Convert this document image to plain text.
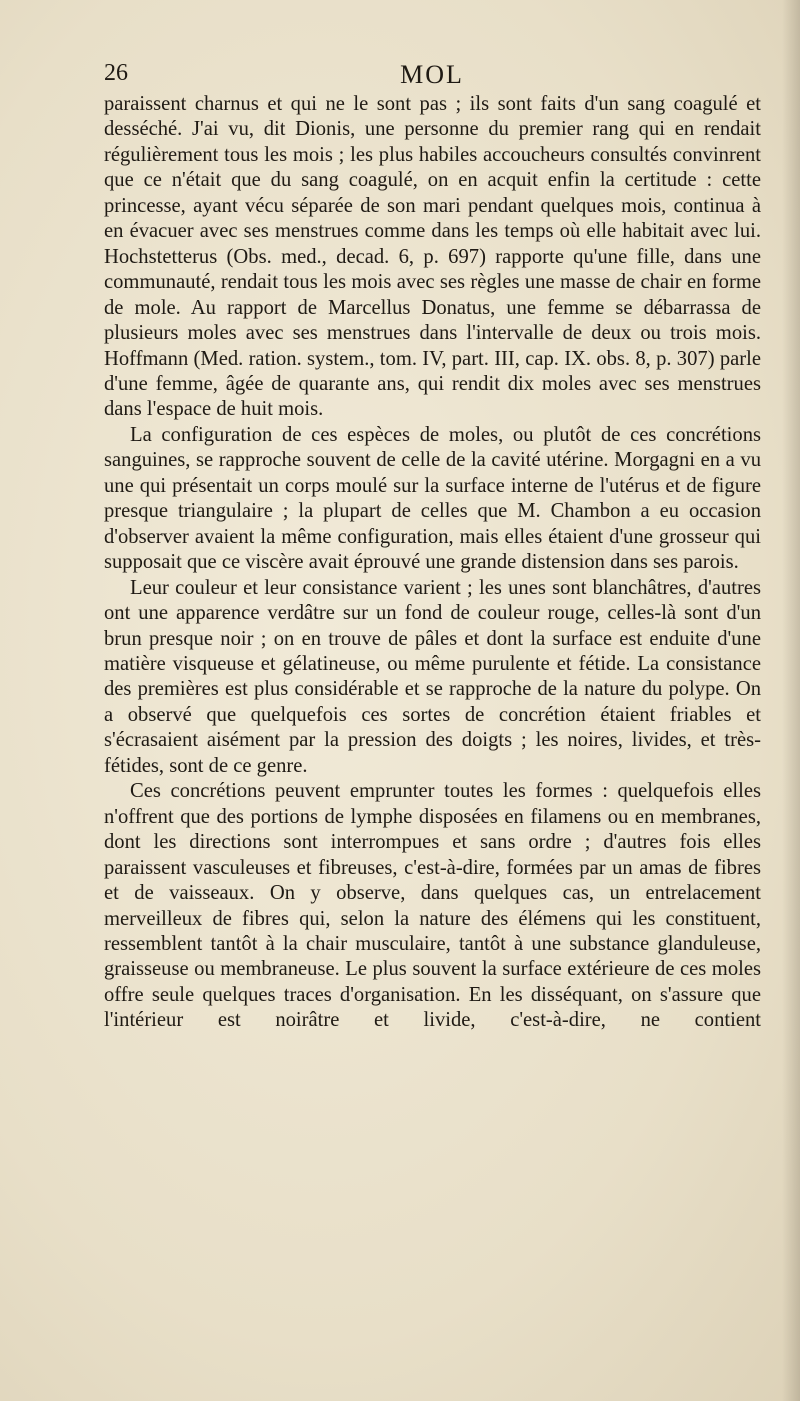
26	MOL

paraissent charnus et qui ne le sont pas ; ils sont faits d'un sang coagulé et desséché. J'ai vu, dit Dionis, une personne du premier rang qui en rendait régulièrement tous les mois ; les plus habiles accoucheurs consultés convinrent que ce n'était que du sang coagulé, on en acquit enfin la certitude : cette princesse, ayant vécu séparée de son mari pendant quelques mois, continua à en évacuer avec ses menstrues comme dans les temps où elle habitait avec lui. Hochstetterus (Obs. med., decad. 6, p. 697) rapporte qu'une fille, dans une communauté, rendait tous les mois avec ses règles une masse de chair en forme de mole. Au rapport de Marcellus Donatus, une femme se débarrassa de plusieurs moles avec ses menstrues dans l'intervalle de deux ou trois mois. Hoffmann (Med. ration. system., tom. IV, part. III, cap. IX. obs. 8, p. 307) parle d'une femme, âgée de quarante ans, qui rendit dix moles avec ses menstrues dans l'espace de huit mois.

La configuration de ces espèces de moles, ou plutôt de ces concrétions sanguines, se rapproche souvent de celle de la cavité utérine. Morgagni en a vu une qui présentait un corps moulé sur la surface interne de l'utérus et de figure presque triangulaire ; la plupart de celles que M. Chambon a eu occasion d'observer avaient la même configuration, mais elles étaient d'une grosseur qui supposait que ce viscère avait éprouvé une grande distension dans ses parois.

Leur couleur et leur consistance varient ; les unes sont blanchâtres, d'autres ont une apparence verdâtre sur un fond de couleur rouge, celles-là sont d'un brun presque noir ; on en trouve de pâles et dont la surface est enduite d'une matière visqueuse et gélatineuse, ou même purulente et fétide. La consistance des premières est plus considérable et se rapproche de la nature du polype. On a observé que quelquefois ces sortes de concrétion étaient friables et s'écrasaient aisément par la pression des doigts ; les noires, livides, et très-fétides, sont de ce genre.

Ces concrétions peuvent emprunter toutes les formes : quelquefois elles n'offrent que des portions de lymphe disposées en filamens ou en membranes, dont les directions sont interrompues et sans ordre ; d'autres fois elles paraissent vasculeuses et fibreuses, c'est-à-dire, formées par un amas de fibres et de vaisseaux. On y observe, dans quelques cas, un entrelacement merveilleux de fibres qui, selon la nature des élémens qui les constituent, ressemblent tantôt à la chair musculaire, tantôt à une substance glanduleuse, graisseuse ou membraneuse. Le plus souvent la surface extérieure de ces moles offre seule quelques traces d'organisation. En les disséquant, on s'assure que l'intérieur est noirâtre et livide, c'est-à-dire, ne contient
